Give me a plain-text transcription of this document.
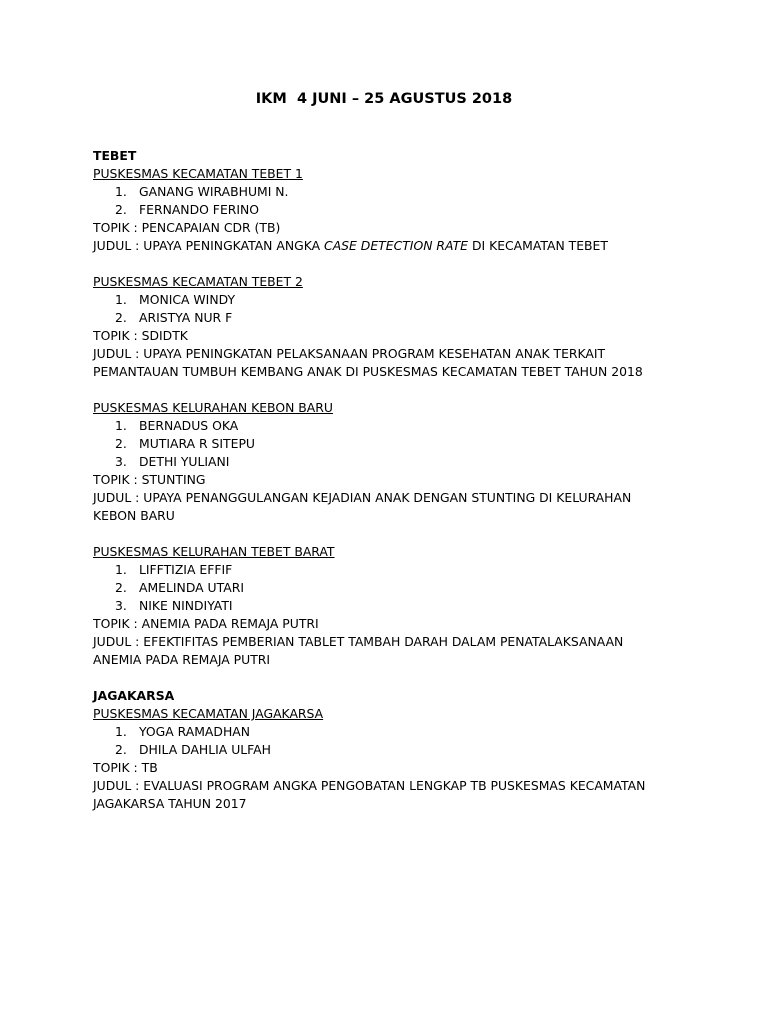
IKM  4 JUNI – 25 AGUSTUS 2018
TEBET
PUSKESMAS KECAMATAN TEBET 1
1. GANANG WIRABHUMI N.
2. FERNANDO FERINO
TOPIK : PENCAPAIAN CDR (TB)
JUDUL : UPAYA PENINGKATAN ANGKA CASE DETECTION RATE DI KECAMATAN TEBET
PUSKESMAS KECAMATAN TEBET 2
1. MONICA WINDY
2. ARISTYA NUR F
TOPIK : SDIDTK
JUDUL : UPAYA PENINGKATAN PELAKSANAAN PROGRAM KESEHATAN ANAK TERKAIT
PEMANTAUAN TUMBUH KEMBANG ANAK DI PUSKESMAS KECAMATAN TEBET TAHUN 2018
PUSKESMAS KELURAHAN KEBON BARU
1. BERNADUS OKA
2. MUTIARA R SITEPU
3. DETHI YULIANI
TOPIK : STUNTING
JUDUL : UPAYA PENANGGULANGAN KEJADIAN ANAK DENGAN STUNTING DI KELURAHAN
KEBON BARU
PUSKESMAS KELURAHAN TEBET BARAT
1. LIFFTIZIA EFFIF
2. AMELINDA UTARI
3. NIKE NINDIYATI
TOPIK : ANEMIA PADA REMAJA PUTRI
JUDUL : EFEKTIFITAS PEMBERIAN TABLET TAMBAH DARAH DALAM PENATALAKSANAAN
ANEMIA PADA REMAJA PUTRI
JAGAKARSA
PUSKESMAS KECAMATAN JAGAKARSA
1. YOGA RAMADHAN
2. DHILA DAHLIA ULFAH
TOPIK : TB
JUDUL : EVALUASI PROGRAM ANGKA PENGOBATAN LENGKAP TB PUSKESMAS KECAMATAN
JAGAKARSA TAHUN 2017
